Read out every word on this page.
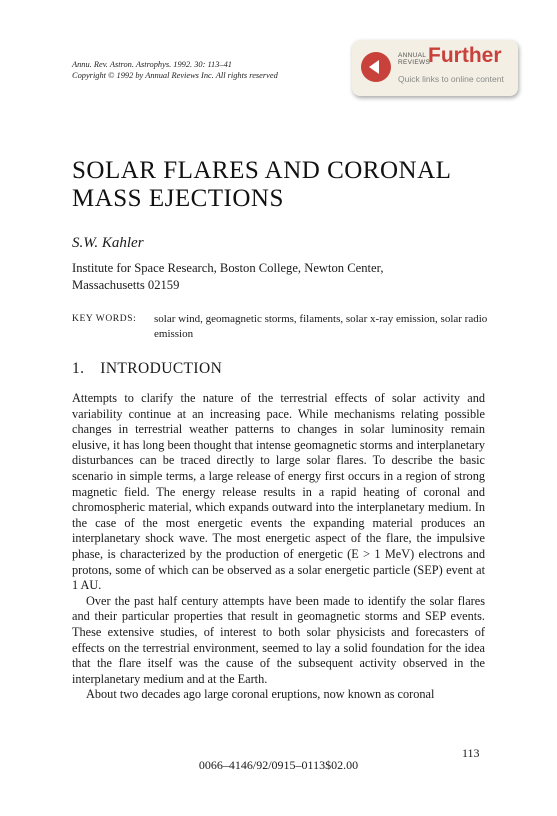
Annu. Rev. Astron. Astrophys. 1992. 30: 113–41
Copyright © 1992 by Annual Reviews Inc. All rights reserved
ANNUAL
REVIEWS
Further
Quick links to online content
SOLAR FLARES AND CORONAL
MASS EJECTIONS
S.W. Kahler
Institute for Space Research, Boston College, Newton Center,
Massachusetts 02159
KEY WORDS: solar wind, geomagnetic storms, filaments, solar x-ray emission, solar radio emission
1. INTRODUCTION

Attempts to clarify the nature of the terrestrial effects of solar activity and variability continue at an increasing pace. While mechanisms relating possible changes in terrestrial weather patterns to changes in solar luminosity remain elusive, it has long been thought that intense geomagnetic storms and interplanetary disturbances can be traced directly to large solar flares. To describe the basic scenario in simple terms, a large release of energy first occurs in a region of strong magnetic field. The energy release results in a rapid heating of coronal and chromospheric material, which expands outward into the interplanetary medium. In the case of the most energetic events the expanding material produces an interplanetary shock wave. The most energetic aspect of the flare, the impulsive phase, is characterized by the production of energetic (E > 1 MeV) electrons and protons, some of which can be observed as a solar energetic particle (SEP) event at 1 AU.

Over the past half century attempts have been made to identify the solar flares and their particular properties that result in geomagnetic storms and SEP events. These extensive studies, of interest to both solar physicists and forecasters of effects on the terrestrial environment, seemed to lay a solid foundation for the idea that the flare itself was the cause of the subsequent activity observed in the interplanetary medium and at the Earth.

About two decades ago large coronal eruptions, now known as coronal

113
0066–4146/92/0915–0113$02.00
